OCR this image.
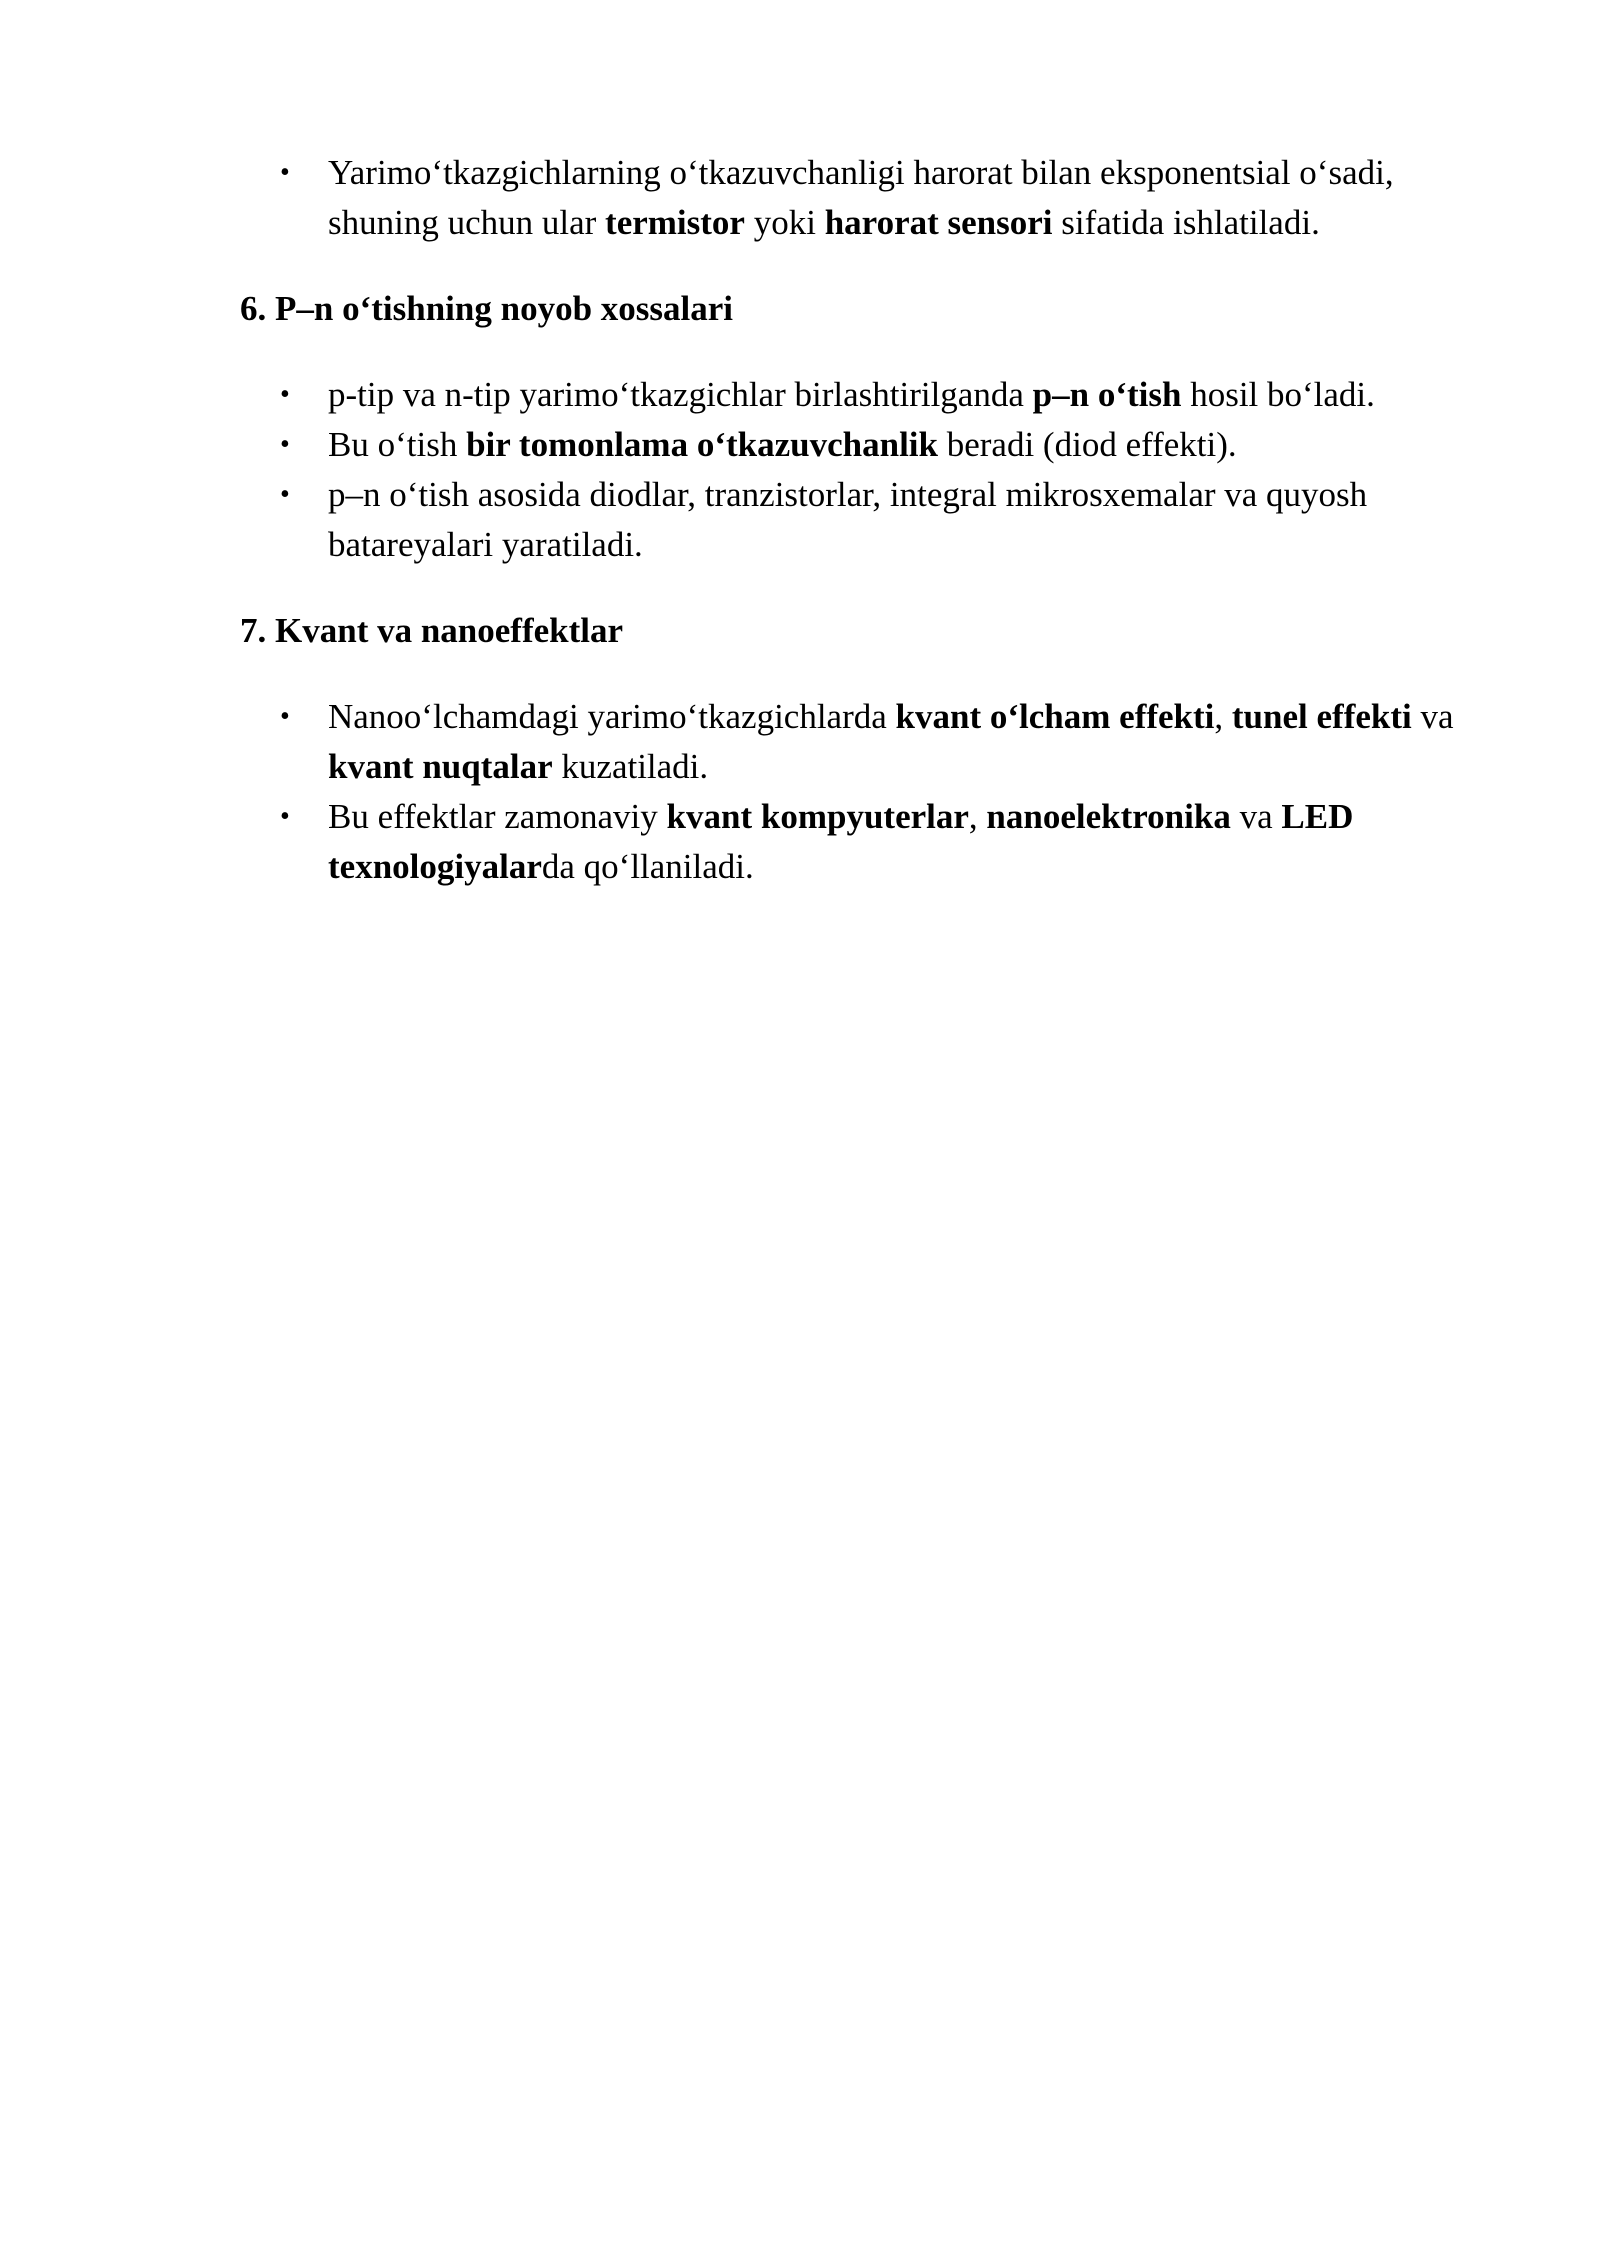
• Yarimo‘tkazgichlarning o‘tkazuvchanligi harorat bilan eksponentsial o‘sadi, shuning uchun ular termistor yoki harorat sensori sifatida ishlatiladi.
6. P–n o‘tishning noyob xossalari
• p-tip va n-tip yarimo‘tkazgichlar birlashtirilganda p–n o‘tish hosil bo‘ladi.
• Bu o‘tish bir tomonlama o‘tkazuvchanlik beradi (diod effekti).
• p–n o‘tish asosida diodlar, tranzistorlar, integral mikrosxemalar va quyosh batareyalari yaratiladi.
7. Kvant va nanoeffektlar
• Nanoo‘lchamdagi yarimo‘tkazgichlarda kvant o‘lcham effekti, tunel effekti va kvant nuqtalar kuzatiladi.
• Bu effektlar zamonaviy kvant kompyuterlar, nanoelektronika va LED texnologiyalarda qo‘llaniladi.
